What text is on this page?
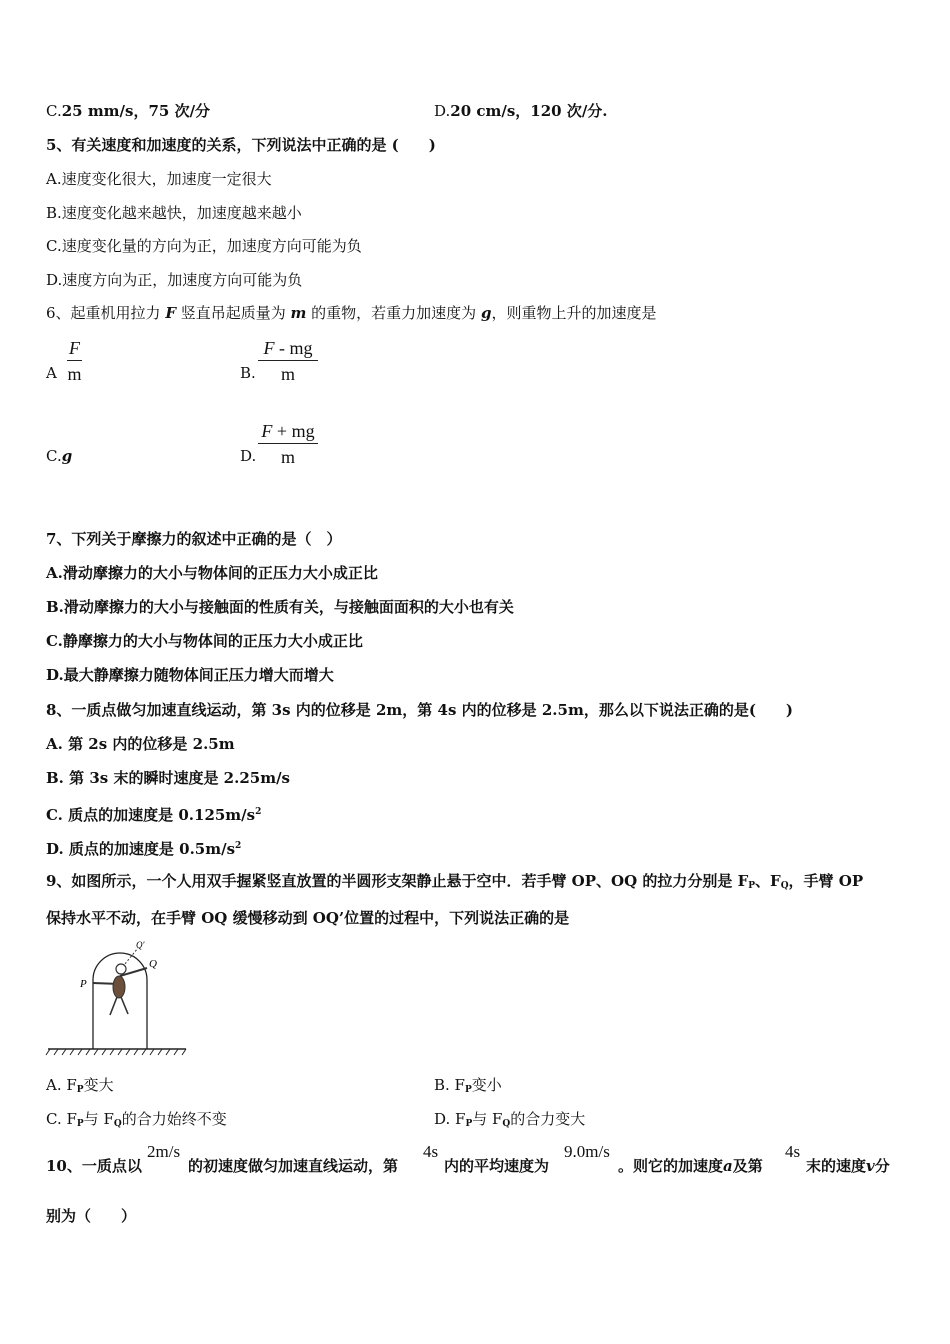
C.25 mm/s，75 次/分	D.20 cm/s，120 次/分.
5、有关速度和加速度的关系，下列说法中正确的是 (　　)
A.速度变化很大，加速度一定很大
B.速度变化越来越快，加速度越来越小
C.速度变化量的方向为正，加速度方向可能为负
D.速度方向为正，加速度方向可能为负
6、起重机用拉力 F 竖直吊起质量为 m 的重物，若重力加速度为 g，则重物上升的加速度是
A $\frac{F}{m}$	B. $\frac{F - mg}{m}$
C.g	D. $\frac{F + mg}{m}$
7、下列关于摩擦力的叙述中正确的是（　）
A.滑动摩擦力的大小与物体间的正压力大小成正比
B.滑动摩擦力的大小与接触面的性质有关，与接触面面积的大小也有关
C.静摩擦力的大小与物体间的正压力大小成正比
D.最大静摩擦力随物体间正压力增大而增大
8、一质点做匀加速直线运动，第 3s 内的位移是 2m，第 4s 内的位移是 2.5m，那么以下说法正确的是(　　)
A. 第 2s 内的位移是 2.5m
B. 第 3s 末的瞬时速度是 2.25m/s
C. 质点的加速度是 $0.125m/s^2$
D. 质点的加速度是 $0.5m/s^2$
9、如图所示，一个人用双手握紧竖直放置的半圆形支架静止悬于空中．若手臂 OP、OQ 的拉力分别是 $F_P$、$F_Q$，手臂 OP
保持水平不动，在手臂 OQ 缓慢移动到 OQ’位置的过程中，下列说法正确的是
P
Q
Q'
A. $F_P$变大	B. $F_P$变小
C. $F_P$与 $F_Q$的合力始终不变	D. $F_P$与 $F_Q$的合力变大
10、一质点以
2m/s
的初速度做匀加速直线运动，第
4s
内的平均速度为
9.0m/s
。则它的加速度a及第
4s
末的速度v分
别为（　　）
